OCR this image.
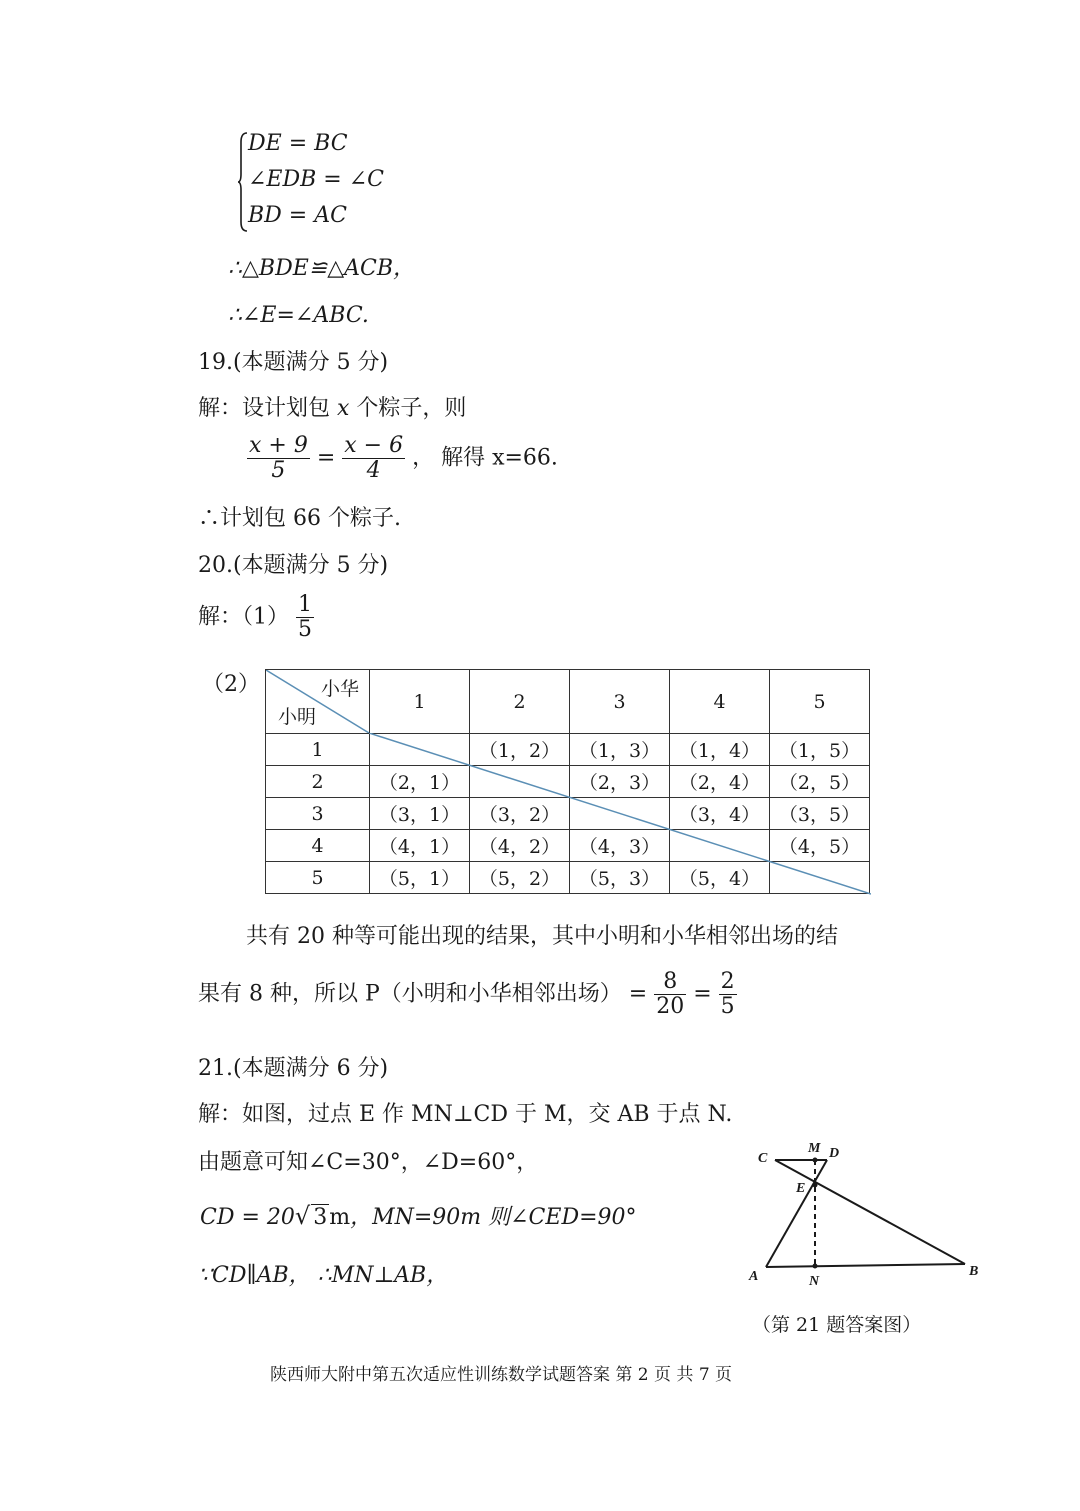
DE = BC
∠EDB = ∠C
BD = AC
∴△BDE≌△ACB，
∴∠E=∠ABC.
19.(本题满分 5 分)
解：设计划包 x 个粽子，则
$\frac{x + 9}{5} = \frac{x - 6}{4}$ ， 解得 x=66.
∴计划包 66 个粽子.
20.(本题满分 5 分)
解：$(1) \frac{1}{5}$
（2）	小华
小明	1	2	3	4	5
1		（1，2）	（1，3）	（1，4）	（1，5）
2	（2，1）		（2，3）	（2，4）	（2，5）
3	（3，1）	（3，2）		（3，4）	（3，5）
4	（4，1）	（4，2）	（4，3）		（4，5）
5	（5，1）	（5，2）	（5，3）	（5，4）	
共有 20 种等可能出现的结果，其中小明和小华相邻出场的结
果有 8 种，所以 P（小明和小华相邻出场） = $\frac{8}{20} = \frac{2}{5}$
21.(本题满分 6 分)
解：如图，过点 E 作 MN⊥CD 于 M，交 AB 于点 N.
由题意可知∠C=30°，∠D=60°，
CD = 20√ 3m，MN=90m 则∠CED=90°
∵CD∥AB， ∴MN⊥AB，
C
M D
E
A	N
B
（第 21 题答案图）
陕西师大附中第五次适应性训练数学试题答案 第 2 页 共 7 页
